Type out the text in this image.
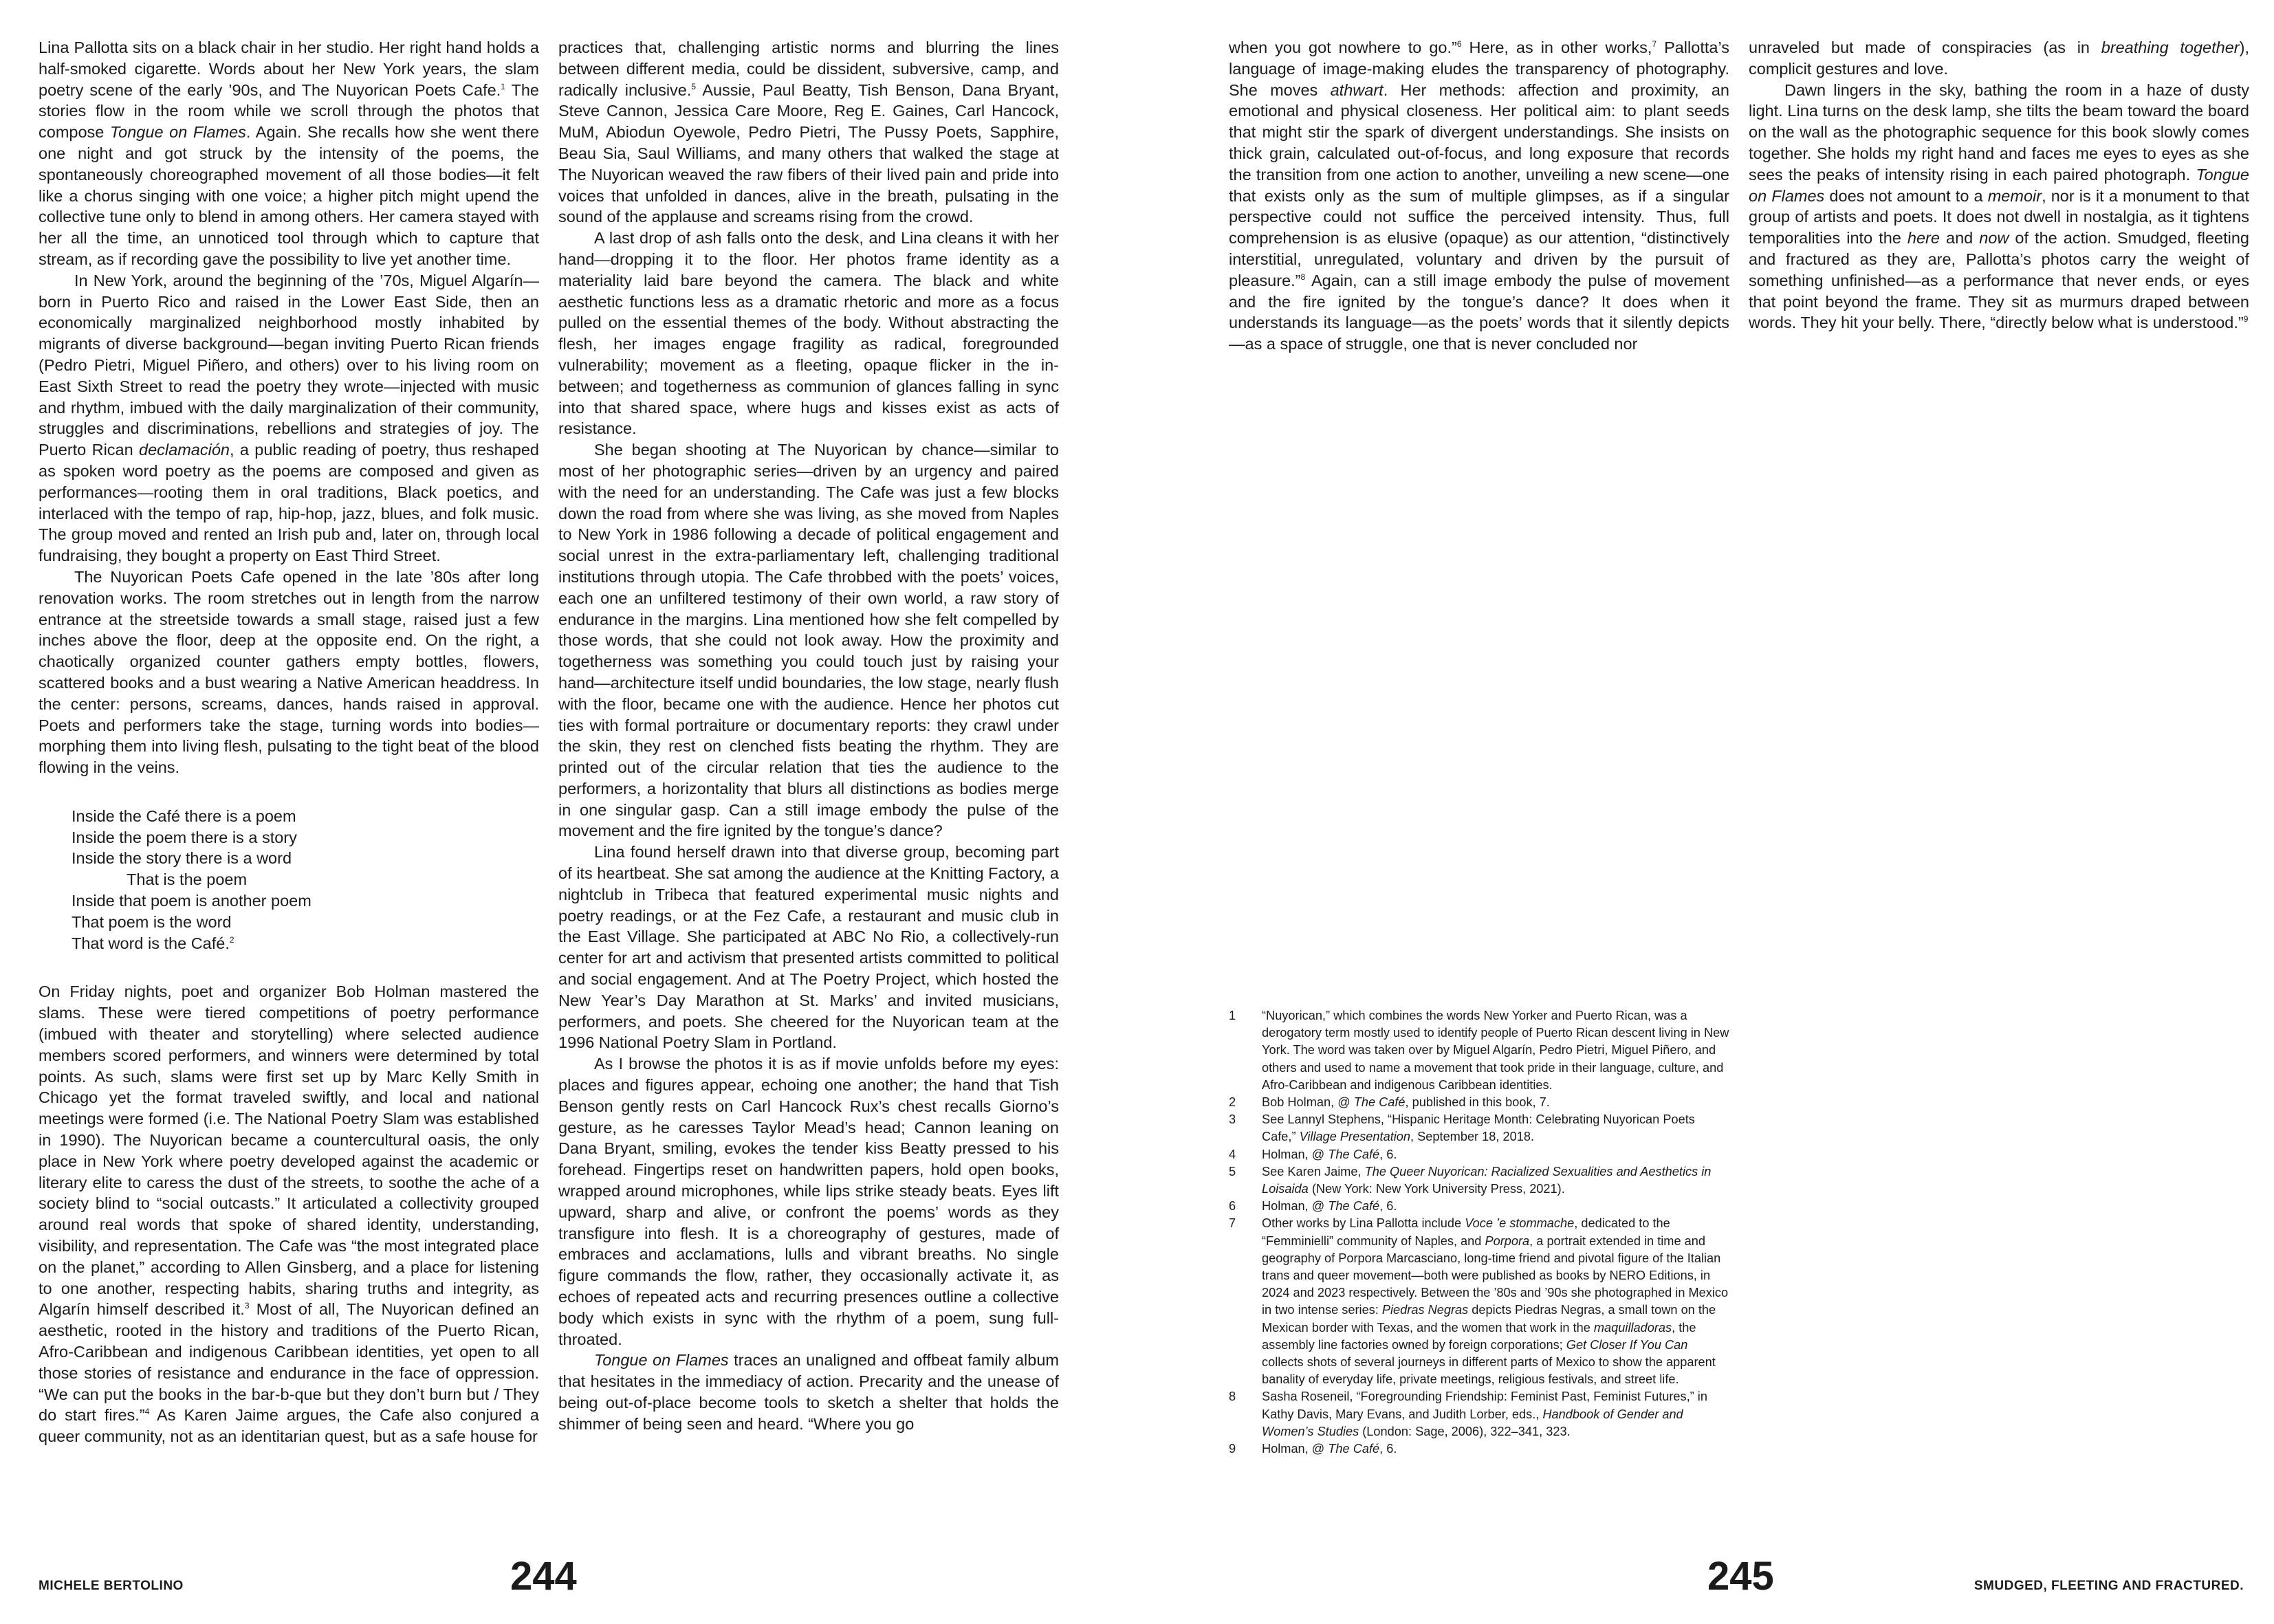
Lina Pallotta sits on a black chair in her studio. Her right hand holds a half-smoked cigarette. Words about her New York years, the slam poetry scene of the early ’90s, and The Nuyorican Poets Cafe.$^1$ The stories flow in the room while we scroll through the photos that compose Tongue on Flames. Again. She recalls how she went there one night and got struck by the intensity of the poems, the spontaneously choreographed movement of all those bodies—it felt like a chorus singing with one voice; a higher pitch might upend the collective tune only to blend in among others. Her camera stayed with her all the time, an unnoticed tool through which to capture that stream, as if recording gave the possibility to live yet another time.

In New York, around the beginning of the ’70s, Miguel Algarín—born in Puerto Rico and raised in the Lower East Side, then an economically marginalized neighborhood mostly inhabited by migrants of diverse background—began inviting Puerto Rican friends (Pedro Pietri, Miguel Piñero, and others) over to his living room on East Sixth Street to read the poetry they wrote—injected with music and rhythm, imbued with the daily marginalization of their community, struggles and discriminations, rebellions and strategies of joy. The Puerto Rican declamación, a public reading of poetry, thus reshaped as spoken word poetry as the poems are composed and given as performances—rooting them in oral traditions, Black poetics, and interlaced with the tempo of rap, hip-hop, jazz, blues, and folk music. The group moved and rented an Irish pub and, later on, through local fundraising, they bought a property on East Third Street.

The Nuyorican Poets Cafe opened in the late ’80s after long renovation works. The room stretches out in length from the narrow entrance at the streetside towards a small stage, raised just a few inches above the floor, deep at the opposite end. On the right, a chaotically organized counter gathers empty bottles, flowers, scattered books and a bust wearing a Native American headdress. In the center: persons, screams, dances, hands raised in approval. Poets and performers take the stage, turning words into bodies—morphing them into living flesh, pulsating to the tight beat of the blood flowing in the veins.

Inside the Café there is a poem
Inside the poem there is a story
Inside the story there is a word
That is the poem
Inside that poem is another poem
That poem is the word
That word is the Café.$^2$

On Friday nights, poet and organizer Bob Holman mastered the slams. These were tiered competitions of poetry performance (imbued with theater and storytelling) where selected audience members scored performers, and winners were determined by total points. As such, slams were first set up by Marc Kelly Smith in Chicago yet the format traveled swiftly, and local and national meetings were formed (i.e. The National Poetry Slam was established in 1990). The Nuyorican became a countercultural oasis, the only place in New York where poetry developed against the academic or literary elite to caress the dust of the streets, to soothe the ache of a society blind to “social outcasts.” It articulated a collectivity grouped around real words that spoke of shared identity, understanding, visibility, and representation. The Cafe was “the most integrated place on the planet,” according to Allen Ginsberg, and a place for listening to one another, respecting habits, sharing truths and integrity, as Algarín himself described it.$^3$ Most of all, The Nuyorican defined an aesthetic, rooted in the history and traditions of the Puerto Rican, Afro-Caribbean and indigenous Caribbean identities, yet open to all those stories of resistance and endurance in the face of oppression. “We can put the books in the bar-b-que but they don’t burn but / They do start fires.”$^4$ As Karen Jaime argues, the Cafe also conjured a queer community, not as an identitarian quest, but as a safe house for

practices that, challenging artistic norms and blurring the lines between different media, could be dissident, subversive, camp, and radically inclusive.$^5$ Aussie, Paul Beatty, Tish Benson, Dana Bryant, Steve Cannon, Jessica Care Moore, Reg E. Gaines, Carl Hancock, MuM, Abiodun Oyewole, Pedro Pietri, The Pussy Poets, Sapphire, Beau Sia, Saul Williams, and many others that walked the stage at The Nuyorican weaved the raw fibers of their lived pain and pride into voices that unfolded in dances, alive in the breath, pulsating in the sound of the applause and screams rising from the crowd.

A last drop of ash falls onto the desk, and Lina cleans it with her hand—dropping it to the floor. Her photos frame identity as a materiality laid bare beyond the camera. The black and white aesthetic functions less as a dramatic rhetoric and more as a focus pulled on the essential themes of the body. Without abstracting the flesh, her images engage fragility as radical, foregrounded vulnerability; movement as a fleeting, opaque flicker in the in-between; and togetherness as communion of glances falling in sync into that shared space, where hugs and kisses exist as acts of resistance.

She began shooting at The Nuyorican by chance—similar to most of her photographic series—driven by an urgency and paired with the need for an understanding. The Cafe was just a few blocks down the road from where she was living, as she moved from Naples to New York in 1986 following a decade of political engagement and social unrest in the extra-parliamentary left, challenging traditional institutions through utopia. The Cafe throbbed with the poets’ voices, each one an unfiltered testimony of their own world, a raw story of endurance in the margins. Lina mentioned how she felt compelled by those words, that she could not look away. How the proximity and togetherness was something you could touch just by raising your hand—architecture itself undid boundaries, the low stage, nearly flush with the floor, became one with the audience. Hence her photos cut ties with formal portraiture or documentary reports: they crawl under the skin, they rest on clenched fists beating the rhythm. They are printed out of the circular relation that ties the audience to the performers, a horizontality that blurs all distinctions as bodies merge in one singular gasp. Can a still image embody the pulse of the movement and the fire ignited by the tongue’s dance?

Lina found herself drawn into that diverse group, becoming part of its heartbeat. She sat among the audience at the Knitting Factory, a nightclub in Tribeca that featured experimental music nights and poetry readings, or at the Fez Cafe, a restaurant and music club in the East Village. She participated at ABC No Rio, a collectively-run center for art and activism that presented artists committed to political and social engagement. And at The Poetry Project, which hosted the New Year’s Day Marathon at St. Marks’ and invited musicians, performers, and poets. She cheered for the Nuyorican team at the 1996 National Poetry Slam in Portland.

As I browse the photos it is as if movie unfolds before my eyes: places and figures appear, echoing one another; the hand that Tish Benson gently rests on Carl Hancock Rux’s chest recalls Giorno’s gesture, as he caresses Taylor Mead’s head; Cannon leaning on Dana Bryant, smiling, evokes the tender kiss Beatty pressed to his forehead. Fingertips reset on handwritten papers, hold open books, wrapped around microphones, while lips strike steady beats. Eyes lift upward, sharp and alive, or confront the poems’ words as they transfigure into flesh. It is a choreography of gestures, made of embraces and acclamations, lulls and vibrant breaths. No single figure commands the flow, rather, they occasionally activate it, as echoes of repeated acts and recurring presences outline a collective body which exists in sync with the rhythm of a poem, sung full-throated.

Tongue on Flames traces an unaligned and offbeat family album that hesitates in the immediacy of action. Precarity and the unease of being out-of-place become tools to sketch a shelter that holds the shimmer of being seen and heard. “Where you go

when you got nowhere to go.”$^6$ Here, as in other works,$^7$ Pallotta’s language of image-making eludes the transparency of photography. She moves athwart. Her methods: affection and proximity, an emotional and physical closeness. Her political aim: to plant seeds that might stir the spark of divergent understandings. She insists on thick grain, calculated out-of-focus, and long exposure that records the transition from one action to another, unveiling a new scene—one that exists only as the sum of multiple glimpses, as if a singular perspective could not suffice the perceived intensity. Thus, full comprehension is as elusive (opaque) as our attention, “distinctively interstitial, unregulated, voluntary and driven by the pursuit of pleasure.”$^8$ Again, can a still image embody the pulse of movement and the fire ignited by the tongue’s dance? It does when it understands its language—as the poets’ words that it silently depicts—as a space of struggle, one that is never concluded nor

unraveled but made of conspiracies (as in breathing together), complicit gestures and love.

Dawn lingers in the sky, bathing the room in a haze of dusty light. Lina turns on the desk lamp, she tilts the beam toward the board on the wall as the photographic sequence for this book slowly comes together. She holds my right hand and faces me eyes to eyes as she sees the peaks of intensity rising in each paired photograph. Tongue on Flames does not amount to a memoir, nor is it a monument to that group of artists and poets. It does not dwell in nostalgia, as it tightens temporalities into the here and now of the action. Smudged, fleeting and fractured as they are, Pallotta’s photos carry the weight of something unfinished—as a performance that never ends, or eyes that point beyond the frame. They sit as murmurs draped between words. They hit your belly. There, “directly below what is understood.”$^9$

1	“Nuyorican,” which combines the words New Yorker and Puerto Rican, was a derogatory term mostly used to identify people of Puerto Rican descent living in New York. The word was taken over by Miguel Algarín, Pedro Pietri, Miguel Piñero, and others and used to name a movement that took pride in their language, culture, and Afro-Caribbean and indigenous Caribbean identities.
2	Bob Holman, @ The Café, published in this book, 7.
3	See Lannyl Stephens, “Hispanic Heritage Month: Celebrating Nuyorican Poets Cafe,” Village Presentation, September 18, 2018.
4	Holman, @ The Café, 6.
5	See Karen Jaime, The Queer Nuyorican: Racialized Sexualities and Aesthetics in Loisaida (New York: New York University Press, 2021).
6	Holman, @ The Café, 6.
7	Other works by Lina Pallotta include Voce ’e stommache, dedicated to the “Femminielli” community of Naples, and Porpora, a portrait extended in time and geography of Porpora Marcasciano, long-time friend and pivotal figure of the Italian trans and queer movement—both were published as books by NERO Editions, in 2024 and 2023 respectively. Between the ’80s and ’90s she photographed in Mexico in two intense series: Piedras Negras depicts Piedras Negras, a small town on the Mexican border with Texas, and the women that work in the maquilladoras, the assembly line factories owned by foreign corporations; Get Closer If You Can collects shots of several journeys in different parts of Mexico to show the apparent banality of everyday life, private meetings, religious festivals, and street life.
8	Sasha Roseneil, “Foregrounding Friendship: Feminist Past, Feminist Futures,” in Kathy Davis, Mary Evans, and Judith Lorber, eds., Handbook of Gender and Women’s Studies (London: Sage, 2006), 322–341, 323.
9	Holman, @ The Café, 6.
MICHELE BERTOLINO	244	245	SMUDGED, FLEETING AND FRACTURED.
